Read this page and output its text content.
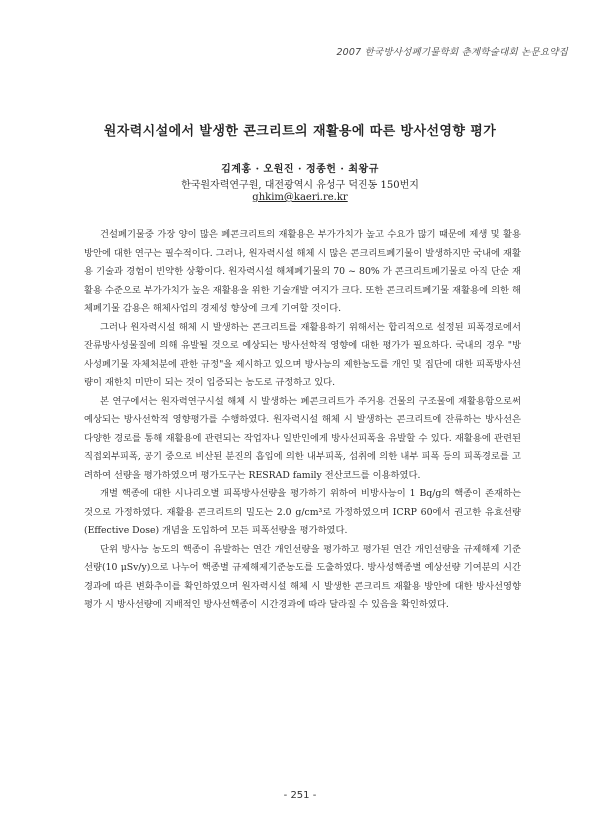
2007 한국방사성폐기물학회 춘계학술대회 논문요약집
원자력시설에서 발생한 콘크리트의 재활용에 따른 방사선영향 평가
김계홍 · 오원진 · 정종헌 · 최왕규
한국원자력연구원, 대전광역시 유성구 덕진동 150번지
ghkim@kaeri.re.kr

건설폐기물중 가장 양이 많은 폐콘크리트의 재활용은 부가가치가 높고 수요가 많기 때문에 제생 및 활용방안에 대한 연구는 필수적이다. 그러나, 원자력시설 해체 시 많은 콘크리트폐기물이 발생하지만 국내에 재활용 기술과 경험이 빈약한 상황이다. 원자력시설 해체폐기물의 70 ~ 80% 가 콘크리트폐기물로 아직 단순 재활용 수준으로 부가가치가 높은 재활용을 위한 기술개발 여지가 크다. 또한 콘크리트폐기물 재활용에 의한 해체폐기물 감용은 해체사업의 경제성 향상에 크게 기여할 것이다.

그러나 원자력시설 해체 시 발생하는 콘크리트를 재활용하기 위해서는 합리적으로 설정된 피폭경로에서 잔류방사성물질에 의해 유발될 것으로 예상되는 방사선학적 영향에 대한 평가가 필요하다. 국내의 경우 "방사성폐기물 자체처분에 관한 규정"을 제시하고 있으며 방사능의 제한농도를 개인 및 집단에 대한 피폭방사선량이 재한치 미만이 되는 것이 입증되는 농도로 규정하고 있다.

본 연구에서는 원자력연구시설 해체 시 발생하는 폐콘크리트가 주거용 건물의 구조물에 재활용함으로써 예상되는 방사선학적 영향평가를 수행하였다. 원자력시설 해체 시 발생하는 콘크리트에 잔류하는 방사선은 다양한 경로를 통해 재활용에 관련되는 작업자나 일반인에게 방사선피폭을 유발할 수 있다. 재활용에 관련된 직접외부피폭, 공기 중으로 비산된 분진의 흡입에 의한 내부피폭, 섭취에 의한 내부 피폭 등의 피폭경로를 고려하여 선량을 평가하였으며 평가도구는 RESRAD family 전산코드를 이용하였다.

개별 핵종에 대한 시나리오별 피폭방사선량을 평가하기 위하여 비방사능이 1 Bq/g의 핵종이 존재하는 것으로 가정하였다. 재활용 콘크리트의 밀도는 2.0 g/cm³로 가정하였으며 ICRP 60에서 권고한 유효선량(Effective Dose) 개념을 도입하여 모든 피폭선량을 평가하였다.

단위 방사능 농도의 핵종이 유발하는 연간 개인선량을 평가하고 평가된 연간 개인선량을 규제해제 기준선량(10 μSv/y)으로 나누어 핵종별 규제해제기준농도를 도출하였다. 방사성핵종별 예상선량 기여분의 시간경과에 따른 변화추이를 확인하였으며 원자력시설 해체 시 발생한 콘크리트 재활용 방안에 대한 방사선영향평가 시 방사선량에 지배적인 방사선핵종이 시간경과에 따라 달라질 수 있음을 확인하였다.

- 251 -
